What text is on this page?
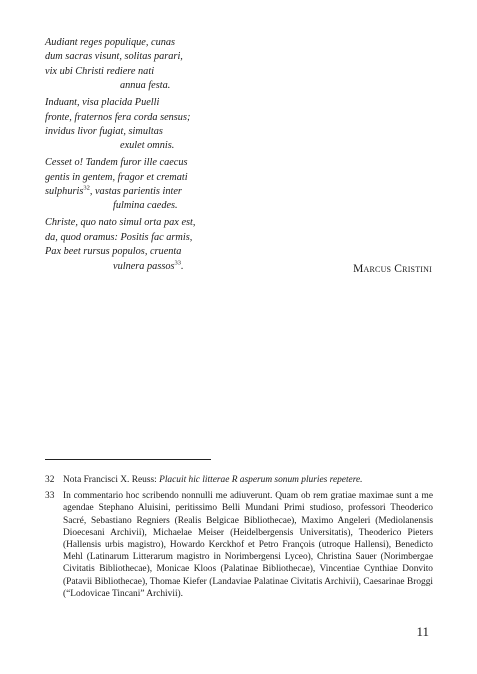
Audiant reges populique, cunas
dum sacras visunt, solitas parari,
vix ubi Christi rediere nati
annua festa.
Induant, visa placida Puelli
fronte, fraternos fera corda sensus;
invidus livor fugiat, simultas
exulet omnis.
Cesset o! Tandem furor ille caecus
gentis in gentem, fragor et cremati
sulphuris$^{32}$, vastas parientis inter
fulmina caedes.
Christe, quo nato simul orta pax est,
da, quod oramus: Positis fac armis,
Pax beet rursus populos, cruenta
vulnera passos$^{33}$.	Marcus Cristini
32 Nota Francisci X. Reuss: Placuit hic litterae R asperum sonum pluries repetere.
33 In commentario hoc scribendo nonnulli me adiuverunt. Quam ob rem gratiae maximae sunt a me agendae Stephano Aluisini, peritissimo Belli Mundani Primi studioso, professori Theoderico Sacré, Sebastiano Regniers (Realis Belgicae Bibliothecae), Maximo Angeleri (Mediolanensis Dioecesani Archivii), Michaelae Meiser (Heidelbergensis Universitatis), Theoderico Pieters (Hallensis urbis magistro), Howardo Kerckhof et Petro François (utroque Hallensi), Benedicto Mehl (Latinarum Litterarum magistro in Norimbergensi Lyceo), Christina Sauer (Norimbergae Civitatis Bibliothecae), Monicae Kloos (Palatinae Bibliothecae), Vincentiae Cynthiae Donvito (Patavii Bibliothecae), Thomae Kiefer (Landaviae Palatinae Civitatis Archivii), Caesarinae Broggi (“Lodovicae Tincani” Archivii).
11
